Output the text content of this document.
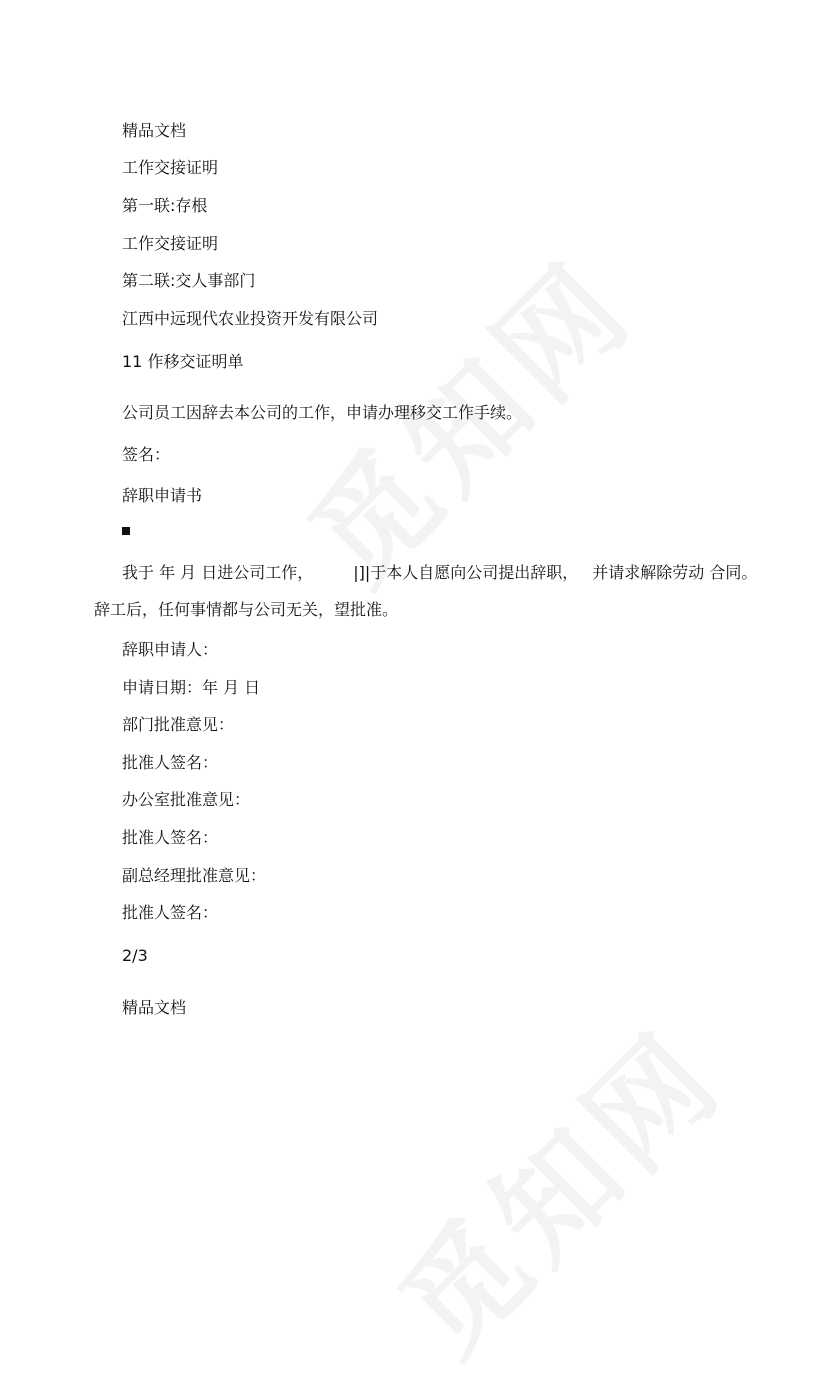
精品文档
工作交接证明
第一联:存根
工作交接证明
第二联:交人事部门
江西中远现代农业投资开发有限公司
11 作移交证明单
公司员工因辞去本公司的工作，申请办理移交工作手续。
签名：
辞职申请书
我于 年 月 日进公司工作，	|]|于本人自愿向公司提出辞职， 并请求解除劳动 合同。
辞工后，任何事情都与公司无关，望批准。
辞职申请人：
申请日期：年 月 日
部门批准意见：
批准人签名：
办公室批准意见：
批准人签名：
副总经理批准意见：
批准人签名：
2/3
精品文档
